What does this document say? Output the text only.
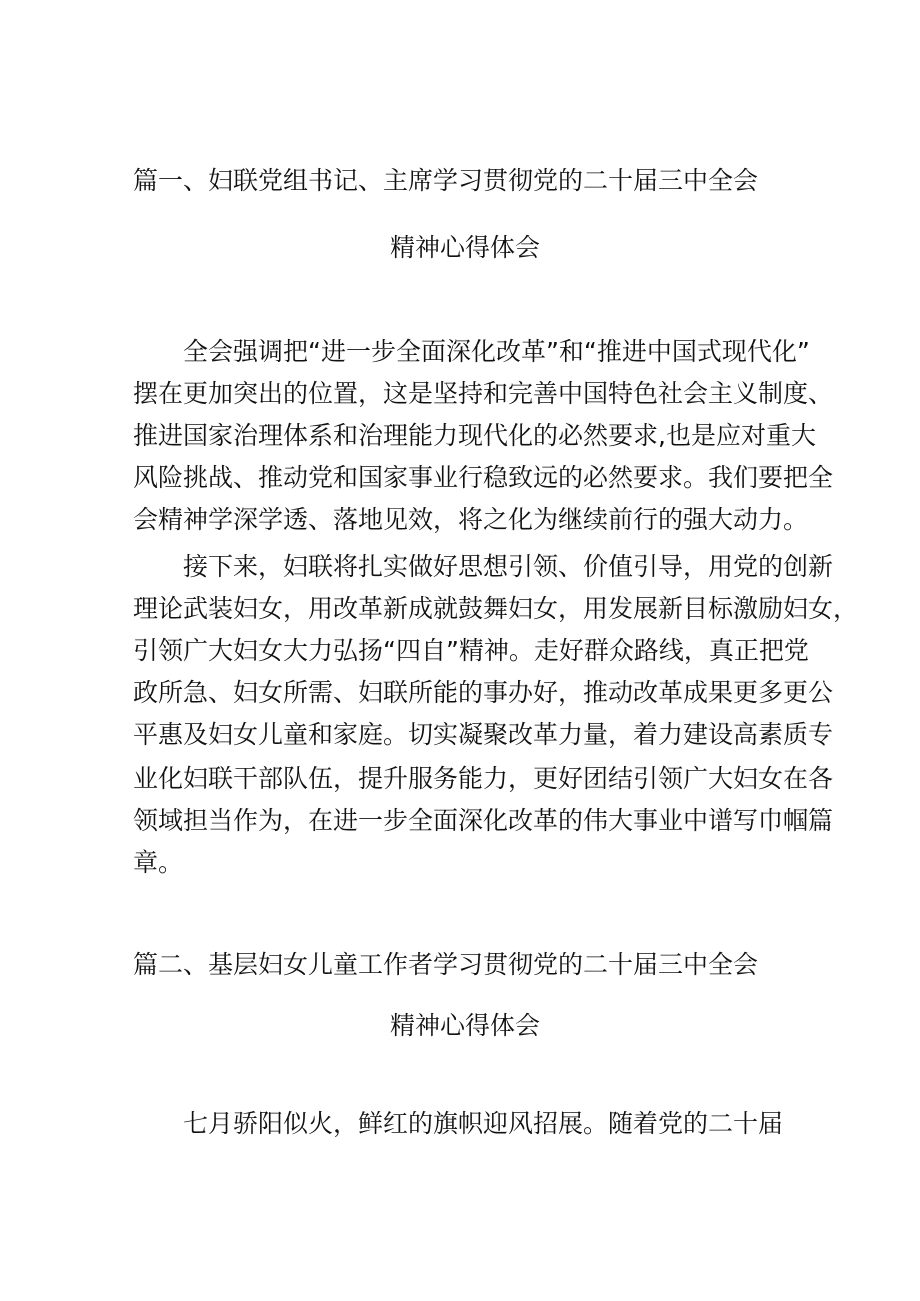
篇一、妇联党组书记、主席学习贯彻党的二十届三中全会
精神心得体会
全会强调把“进一步全面深化改革”和“推进中国式现代化”
摆在更加突出的位置，这是坚持和完善中国特色社会主义制度、
推进国家治理体系和治理能力现代化的必然要求,也是应对重大
风险挑战、推动党和国家事业行稳致远的必然要求。我们要把全
会精神学深学透、落地见效，将之化为继续前行的强大动力。
接下来，妇联将扎实做好思想引领、价值引导，用党的创新
理论武装妇女，用改革新成就鼓舞妇女，用发展新目标激励妇女，
引领广大妇女大力弘扬“四自”精神。走好群众路线，真正把党
政所急、妇女所需、妇联所能的事办好，推动改革成果更多更公
平惠及妇女儿童和家庭。切实凝聚改革力量，着力建设高素质专
业化妇联干部队伍，提升服务能力，更好团结引领广大妇女在各
领域担当作为，在进一步全面深化改革的伟大事业中谱写巾帼篇
章。
篇二、基层妇女儿童工作者学习贯彻党的二十届三中全会
精神心得体会
七月骄阳似火，鲜红的旗帜迎风招展。随着党的二十届
